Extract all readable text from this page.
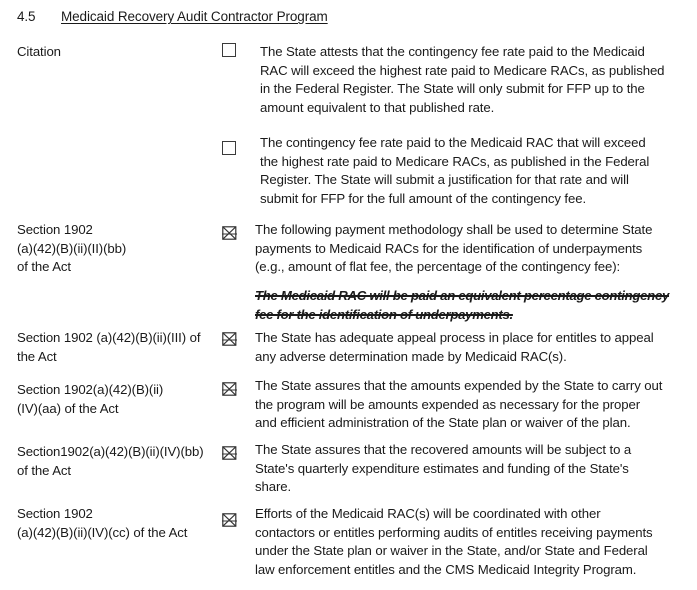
4.5 Medicaid Recovery Audit Contractor Program
Citation	The State attests that the contingency fee rate paid to the Medicaid
RAC will exceed the highest rate paid to Medicare RACs, as published
in the Federal Register. The State will only submit for FFP up to the
amount equivalent to that published rate.
The contingency fee rate paid to the Medicaid RAC that will exceed
the highest rate paid to Medicare RACs, as published in the Federal
Register. The State will submit a justification for that rate and will
submit for FFP for the full amount of the contingency fee.
Section 1902
(a)(42)(B)(ii)(II)(bb)
of the Act
The following payment methodology shall be used to determine State
payments to Medicaid RACs for the identification of underpayments
(e.g., amount of flat fee, the percentage of the contingency fee):
The Medicaid RAC will be paid an equivalent percentage contingency
fee for the identification of underpayments.
Section 1902 (a)(42)(B)(ii)(III) of
the Act
The State has adequate appeal process in place for entitles to appeal
any adverse determination made by Medicaid RAC(s).
Section 1902(a)(42)(B)(ii)
(IV)(aa) of the Act
The State assures that the amounts expended by the State to carry out
the program will be amounts expended as necessary for the proper
and efficient administration of the State plan or waiver of the plan.
Section1902(a)(42)(B)(ii)(IV)(bb)
of the Act
The State assures that the recovered amounts will be subject to a
State's quarterly expenditure estimates and funding of the State's
share.
Section 1902
(a)(42)(B)(ii)(IV)(cc) of the Act
Efforts of the Medicaid RAC(s) will be coordinated with other
contactors or entitles performing audits of entitles receiving payments
under the State plan or waiver in the State, and/or State and Federal
law enforcement entitles and the CMS Medicaid Integrity Program.
